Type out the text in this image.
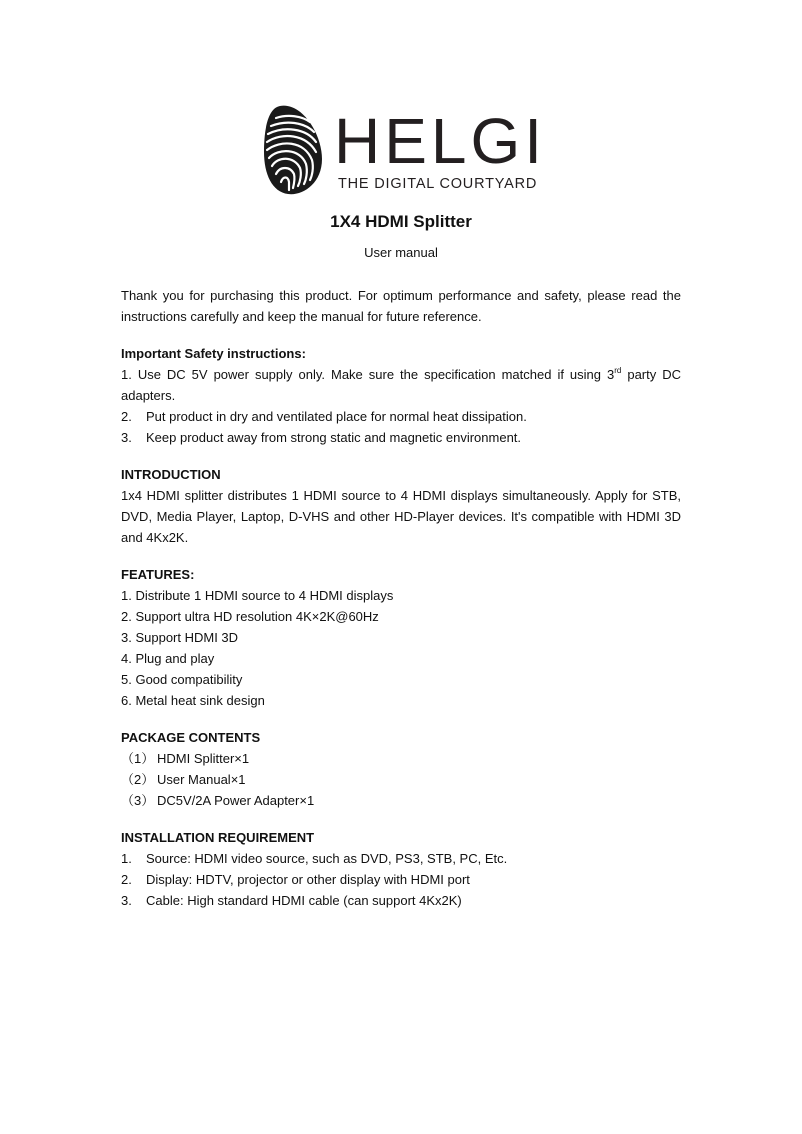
HELGI
THE DIGITAL COURTYARD
1X4 HDMI Splitter
User manual

Thank you for purchasing this product. For optimum performance and safety, please read the instructions carefully and keep the manual for future reference.

Important Safety instructions:

1. Use DC 5V power supply only. Make sure the specification matched if using 3rd party DC adapters.

2. Put product in dry and ventilated place for normal heat dissipation.

3. Keep product away from strong static and magnetic environment.

INTRODUCTION

1x4 HDMI splitter distributes 1 HDMI source to 4 HDMI displays simultaneously. Apply for STB, DVD, Media Player, Laptop, D-VHS and other HD-Player devices. It's compatible with HDMI 3D and 4Kx2K.

FEATURES:

1. Distribute 1 HDMI source to 4 HDMI displays

2. Support ultra HD resolution 4K×2K@60Hz

3. Support HDMI 3D

4. Plug and play

5. Good compatibility

6. Metal heat sink design

PACKAGE CONTENTS

（1） HDMI Splitter×1

（2） User Manual×1

（3） DC5V/2A Power Adapter×1

INSTALLATION REQUIREMENT

1. Source: HDMI video source, such as DVD, PS3, STB, PC, Etc.

2. Display: HDTV, projector or other display with HDMI port

3. Cable: High standard HDMI cable (can support 4Kx2K)
